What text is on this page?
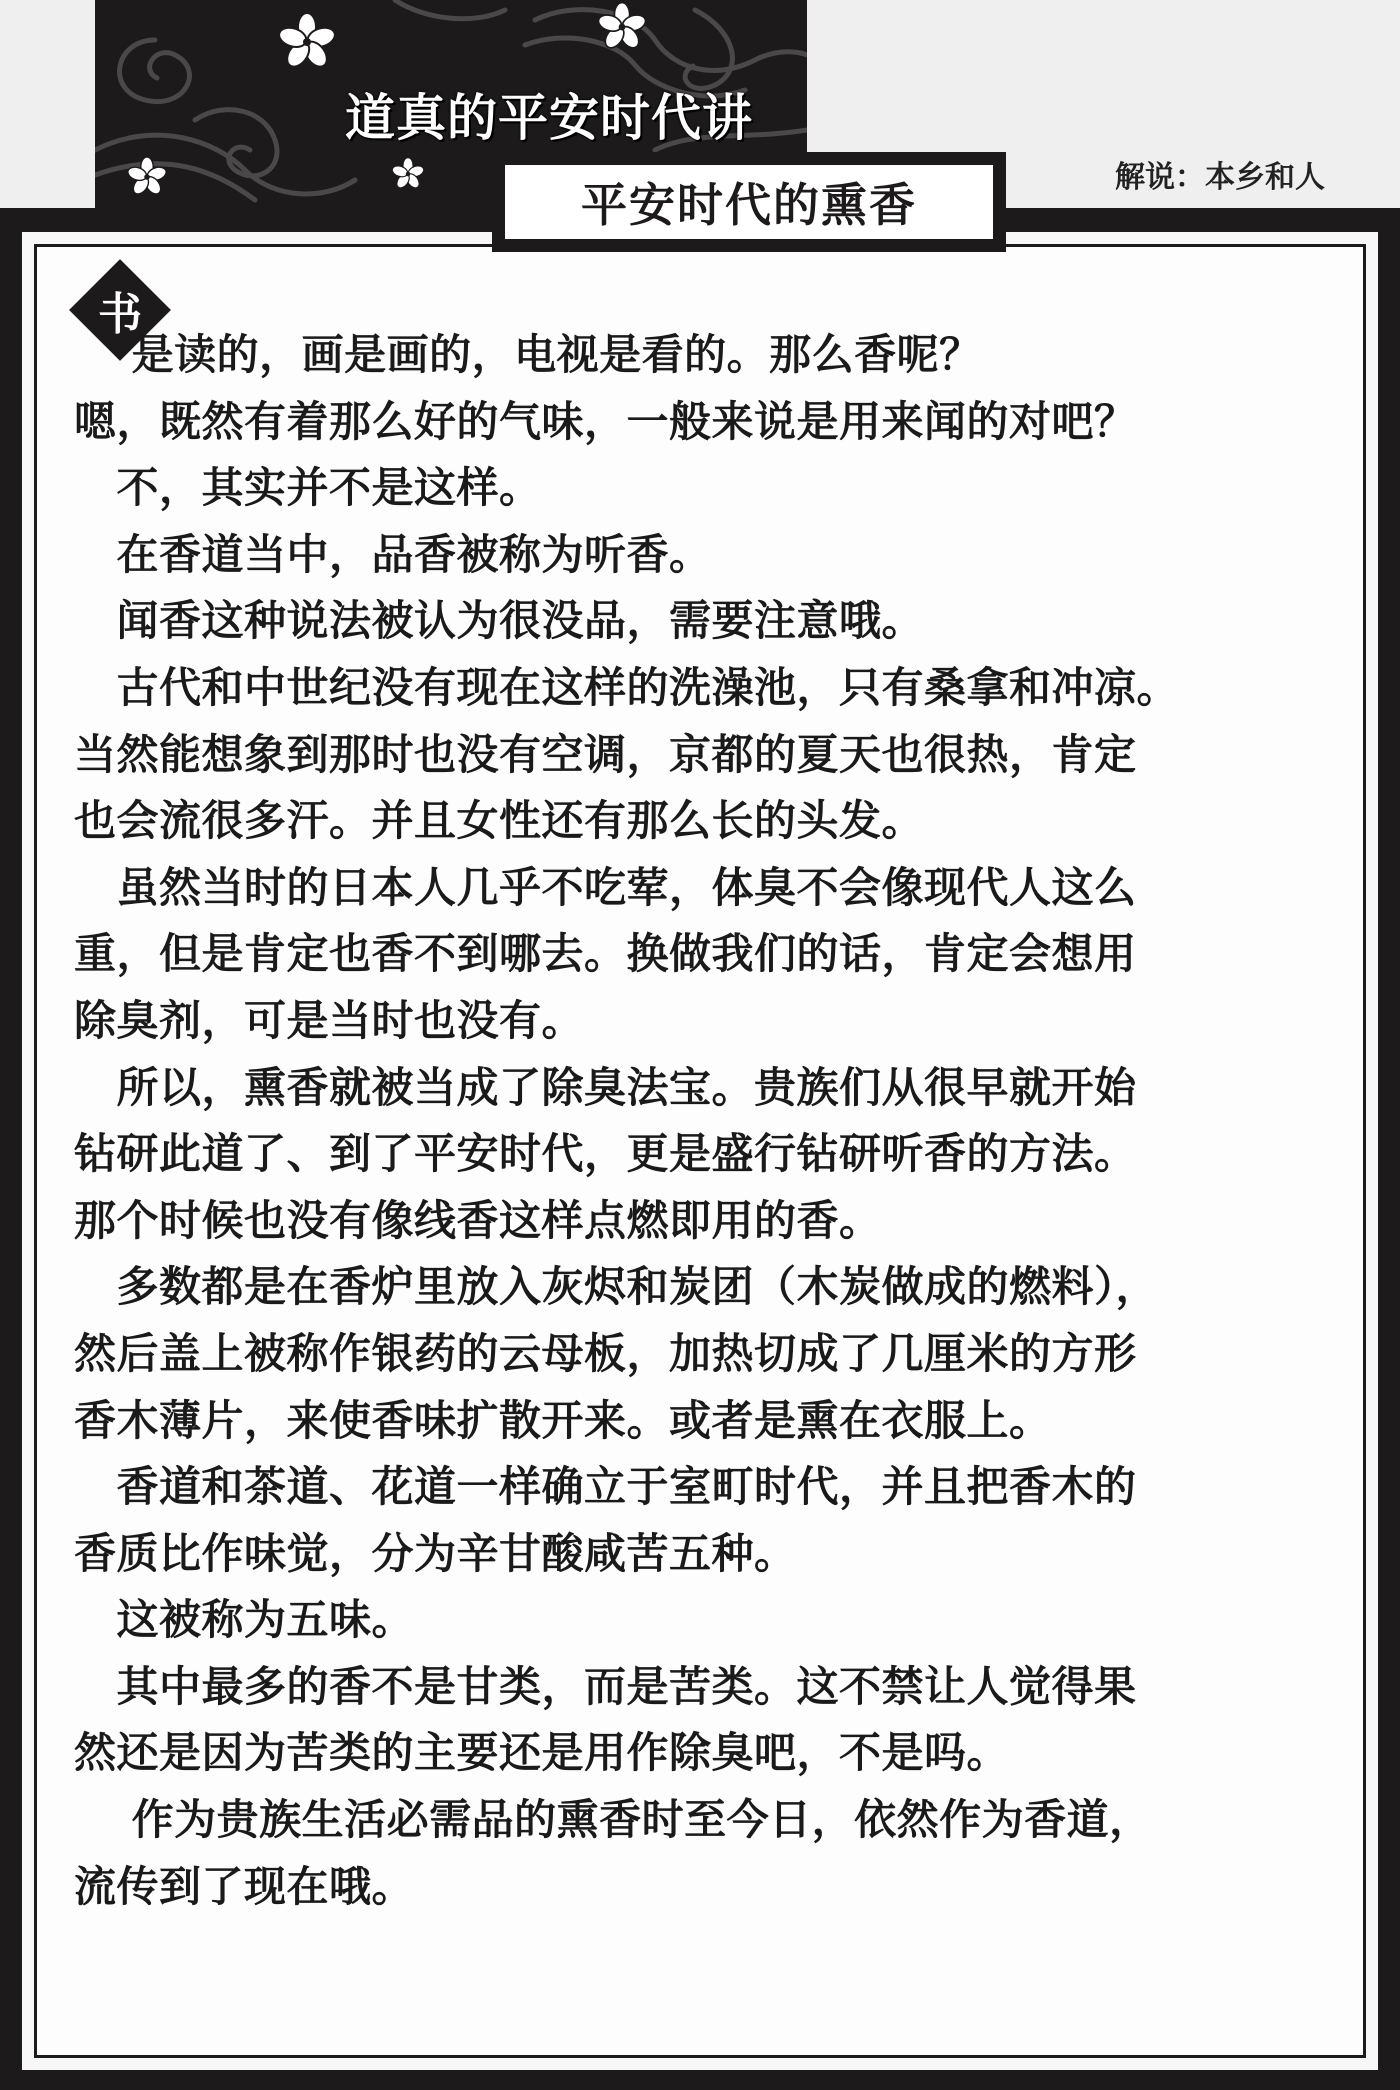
道真的平安时代讲
解说：本乡和人
平安时代的熏香
书
　 是读的，画是画的，电视是看的。那么香呢？
嗯，既然有着那么好的气味，一般来说是用来闻的对吧？
　不，其实并不是这样。
　在香道当中，品香被称为听香。
　闻香这种说法被认为很没品，需要注意哦。
　古代和中世纪没有现在这样的洗澡池，只有桑拿和冲凉。
当然能想象到那时也没有空调，京都的夏天也很热，肯定
也会流很多汗。并且女性还有那么长的头发。
　虽然当时的日本人几乎不吃荤，体臭不会像现代人这么
重，但是肯定也香不到哪去。换做我们的话，肯定会想用
除臭剂，可是当时也没有。
　所以，熏香就被当成了除臭法宝。贵族们从很早就开始
钻研此道了、到了平安时代，更是盛行钻研听香的方法。
那个时候也没有像线香这样点燃即用的香。
　多数都是在香炉里放入灰烬和炭团（木炭做成的燃料），
然后盖上被称作银药的云母板，加热切成了几厘米的方形
香木薄片，来使香味扩散开来。或者是熏在衣服上。
　香道和茶道、花道一样确立于室町时代，并且把香木的
香质比作味觉，分为辛甘酸咸苦五种。
　这被称为五味。
　其中最多的香不是甘类，而是苦类。这不禁让人觉得果
然还是因为苦类的主要还是用作除臭吧，不是吗。
　 作为贵族生活必需品的熏香时至今日，依然作为香道，
流传到了现在哦。
